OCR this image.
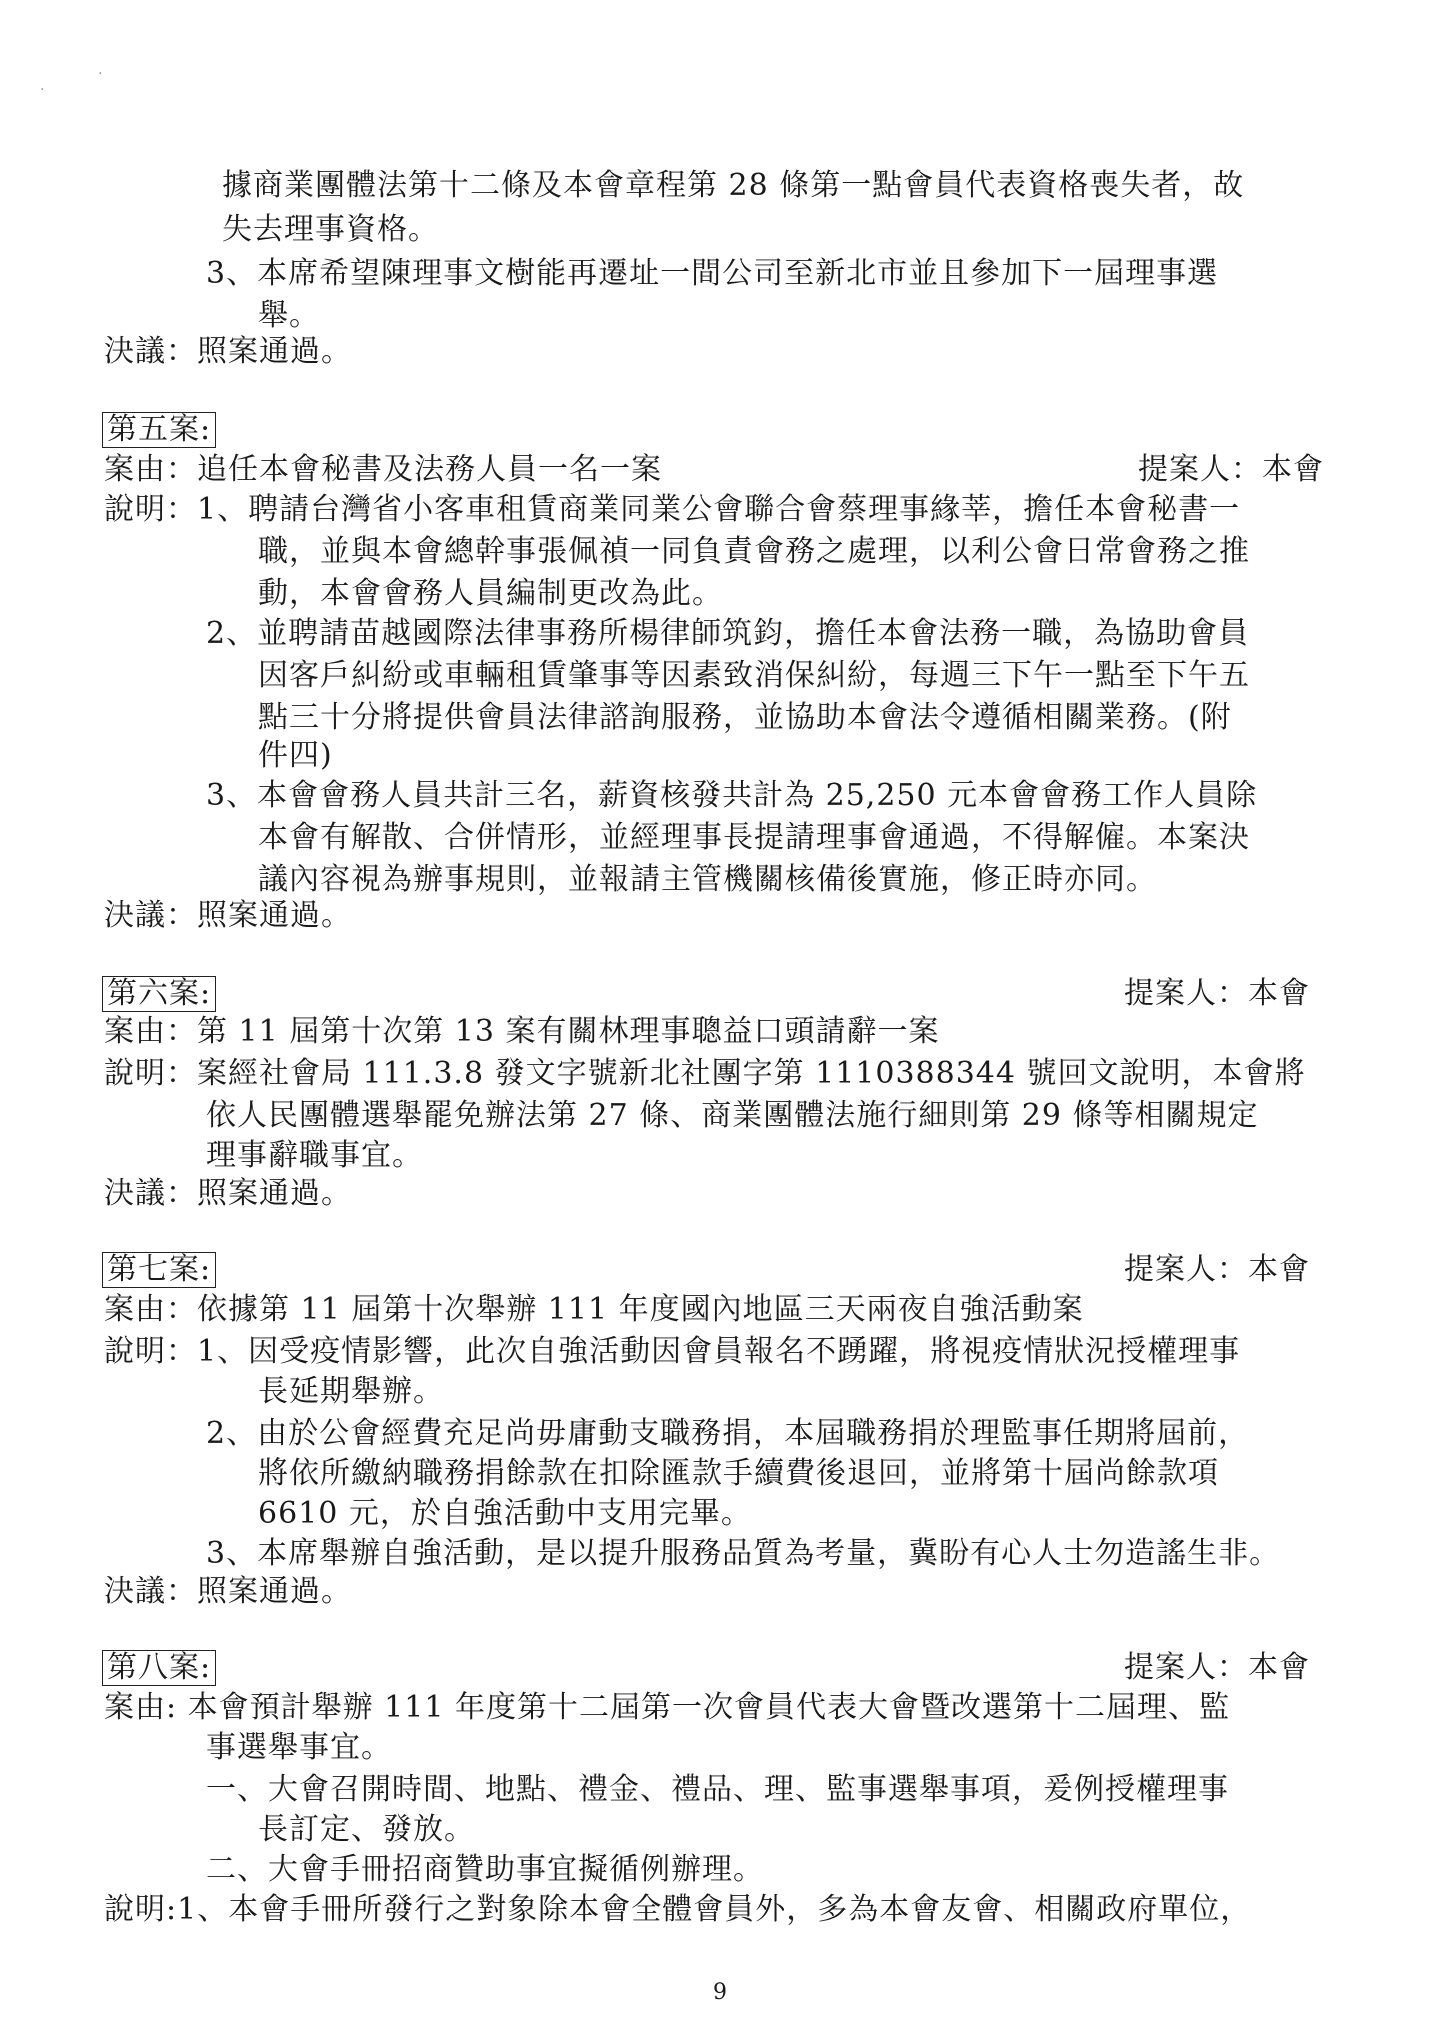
·
·
據商業團體法第十二條及本會章程第 28 條第一點會員代表資格喪失者，故
失去理事資格。
3、本席希望陳理事文樹能再遷址一間公司至新北市並且參加下一屆理事選
舉。
決議：照案通過。
第五案:
案由：追任本會秘書及法務人員一名一案	提案人：本會
說明：1、聘請台灣省小客車租賃商業同業公會聯合會蔡理事緣莘，擔任本會秘書一
職，並與本會總幹事張佩禎一同負責會務之處理，以利公會日常會務之推
動，本會會務人員編制更改為此。
2、並聘請苗越國際法律事務所楊律師筑鈞，擔任本會法務一職，為協助會員
因客戶糾紛或車輛租賃肇事等因素致消保糾紛，每週三下午一點至下午五
點三十分將提供會員法律諮詢服務，並協助本會法令遵循相關業務。(附
件四)
3、本會會務人員共計三名，薪資核發共計為 25,250 元本會會務工作人員除
本會有解散、合併情形，並經理事長提請理事會通過，不得解僱。本案決
議內容視為辦事規則，並報請主管機關核備後實施，修正時亦同。
決議：照案通過。
第六案:	提案人：本會
案由：第 11 屆第十次第 13 案有關林理事聰益口頭請辭一案
說明：案經社會局 111.3.8 發文字號新北社團字第 1110388344 號回文說明，本會將
依人民團體選舉罷免辦法第 27 條、商業團體法施行細則第 29 條等相關規定
理事辭職事宜。
決議：照案通過。
第七案:	提案人：本會
案由：依據第 11 屆第十次舉辦 111 年度國內地區三天兩夜自強活動案
說明：1、因受疫情影響，此次自強活動因會員報名不踴躍，將視疫情狀況授權理事
長延期舉辦。
2、由於公會經費充足尚毋庸動支職務捐，本屆職務捐於理監事任期將屆前，
將依所繳納職務捐餘款在扣除匯款手續費後退回，並將第十屆尚餘款項
6610 元，於自強活動中支用完畢。
3、本席舉辦自強活動，是以提升服務品質為考量，冀盼有心人士勿造謠生非。
決議：照案通過。
第八案:	提案人：本會
案由: 本會預計舉辦 111 年度第十二屆第一次會員代表大會暨改選第十二屆理、監
事選舉事宜。
一、大會召開時間、地點、禮金、禮品、理、監事選舉事項，爰例授權理事
長訂定、發放。
二、大會手冊招商贊助事宜擬循例辦理。
說明:1、本會手冊所發行之對象除本會全體會員外，多為本會友會、相關政府單位，
9
